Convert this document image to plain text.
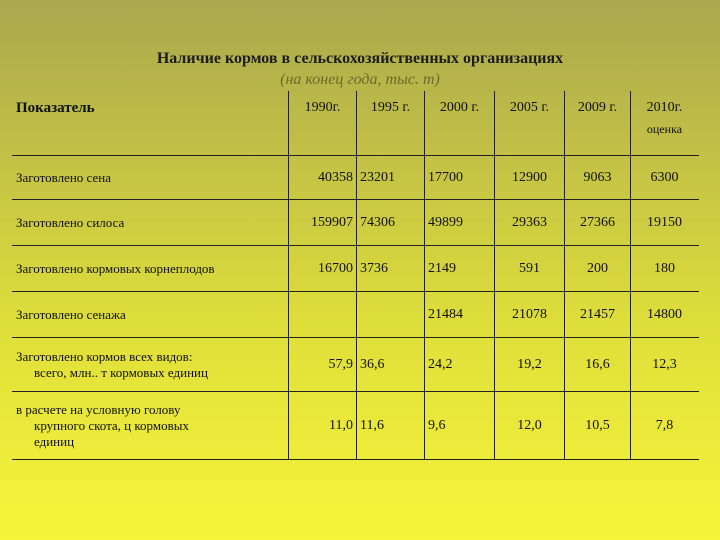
Наличие кормов в сельскохозяйственных организациях
(на конец года, тыс. т)
Показатель	1990г.	1995 г.	2000 г.	2005 г.	2009 г.	2010г.
оценка

Заготовлено сена	40358	23201	17700	12900	9063	6300
Заготовлено силоса	159907	74306	49899	29363	27366	19150
Заготовлено кормовых корнеплодов	16700	3736	2149	591	200	180
Заготовлено сенажа			21484	21078	21457	14800
Заготовлено кормов всех видов:
всего, млн.. т кормовых единиц	57,9	36,6	24,2	19,2	16,6	12,3
в расчете на условную голову
крупного скота, ц кормовых
единиц	11,0	11,6	9,6	12,0	10,5	7,8
